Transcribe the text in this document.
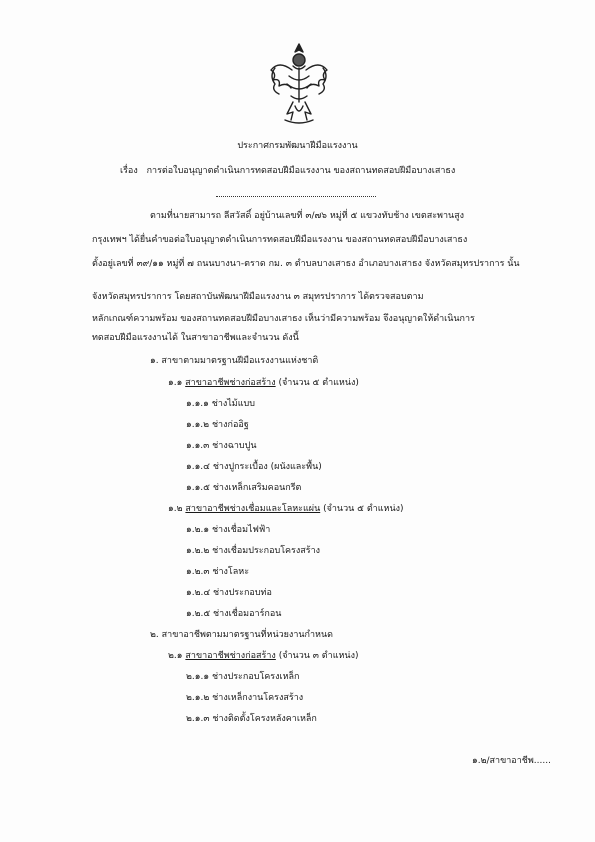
ประกาศกรมพัฒนาฝีมือแรงงาน
เรื่อง การต่อใบอนุญาตดำเนินการทดสอบฝีมือแรงงาน ของสถานทดสอบฝีมือบางเสาธง
ตามที่นายสามารถ ลีสวัสดิ์ อยู่บ้านเลขที่ ๓/๗๖ หมู่ที่ ๕ แขวงทับช้าง เขตสะพานสูง
กรุงเทพฯ ได้ยื่นคำขอต่อใบอนุญาตดำเนินการทดสอบฝีมือแรงงาน ของสถานทดสอบฝีมือบางเสาธง
ตั้งอยู่เลขที่ ๓๙/๑๑ หมู่ที่ ๗ ถนนบางนา-ตราด กม. ๓ ตำบลบางเสาธง อำเภอบางเสาธง จังหวัดสมุทรปราการ นั้น
จังหวัดสมุทรปราการ โดยสถาบันพัฒนาฝีมือแรงงาน ๓ สมุทรปราการ ได้ตรวจสอบตาม
หลักเกณฑ์ความพร้อม ของสถานทดสอบฝีมือบางเสาธง เห็นว่ามีความพร้อม จึงอนุญาตให้ดำเนินการ
ทดสอบฝีมือแรงงานได้ ในสาขาอาชีพและจำนวน ดังนี้
๑. สาขาตามมาตรฐานฝีมือแรงงานแห่งชาติ
๑.๑ สาขาอาชีพช่างก่อสร้าง (จำนวน ๕ ตำแหน่ง)
๑.๑.๑ ช่างไม้แบบ
๑.๑.๒ ช่างก่ออิฐ
๑.๑.๓ ช่างฉาบปูน
๑.๑.๔ ช่างปูกระเบื้อง (ผนังและพื้น)
๑.๑.๕ ช่างเหล็กเสริมคอนกรีต
๑.๒ สาขาอาชีพช่างเชื่อมและโลหะแผ่น (จำนวน ๕ ตำแหน่ง)
๑.๒.๑ ช่างเชื่อมไฟฟ้า
๑.๒.๒ ช่างเชื่อมประกอบโครงสร้าง
๑.๒.๓ ช่างโลหะ
๑.๒.๔ ช่างประกอบท่อ
๑.๒.๕ ช่างเชื่อมอาร์กอน
๒. สาขาอาชีพตามมาตรฐานที่หน่วยงานกำหนด
๒.๑ สาขาอาชีพช่างก่อสร้าง (จำนวน ๓ ตำแหน่ง)
๒.๑.๑ ช่างประกอบโครงเหล็ก
๒.๑.๒ ช่างเหล็กงานโครงสร้าง
๒.๑.๓ ช่างติดตั้งโครงหลังคาเหล็ก
๑.๒/สาขาอาชีพ......
